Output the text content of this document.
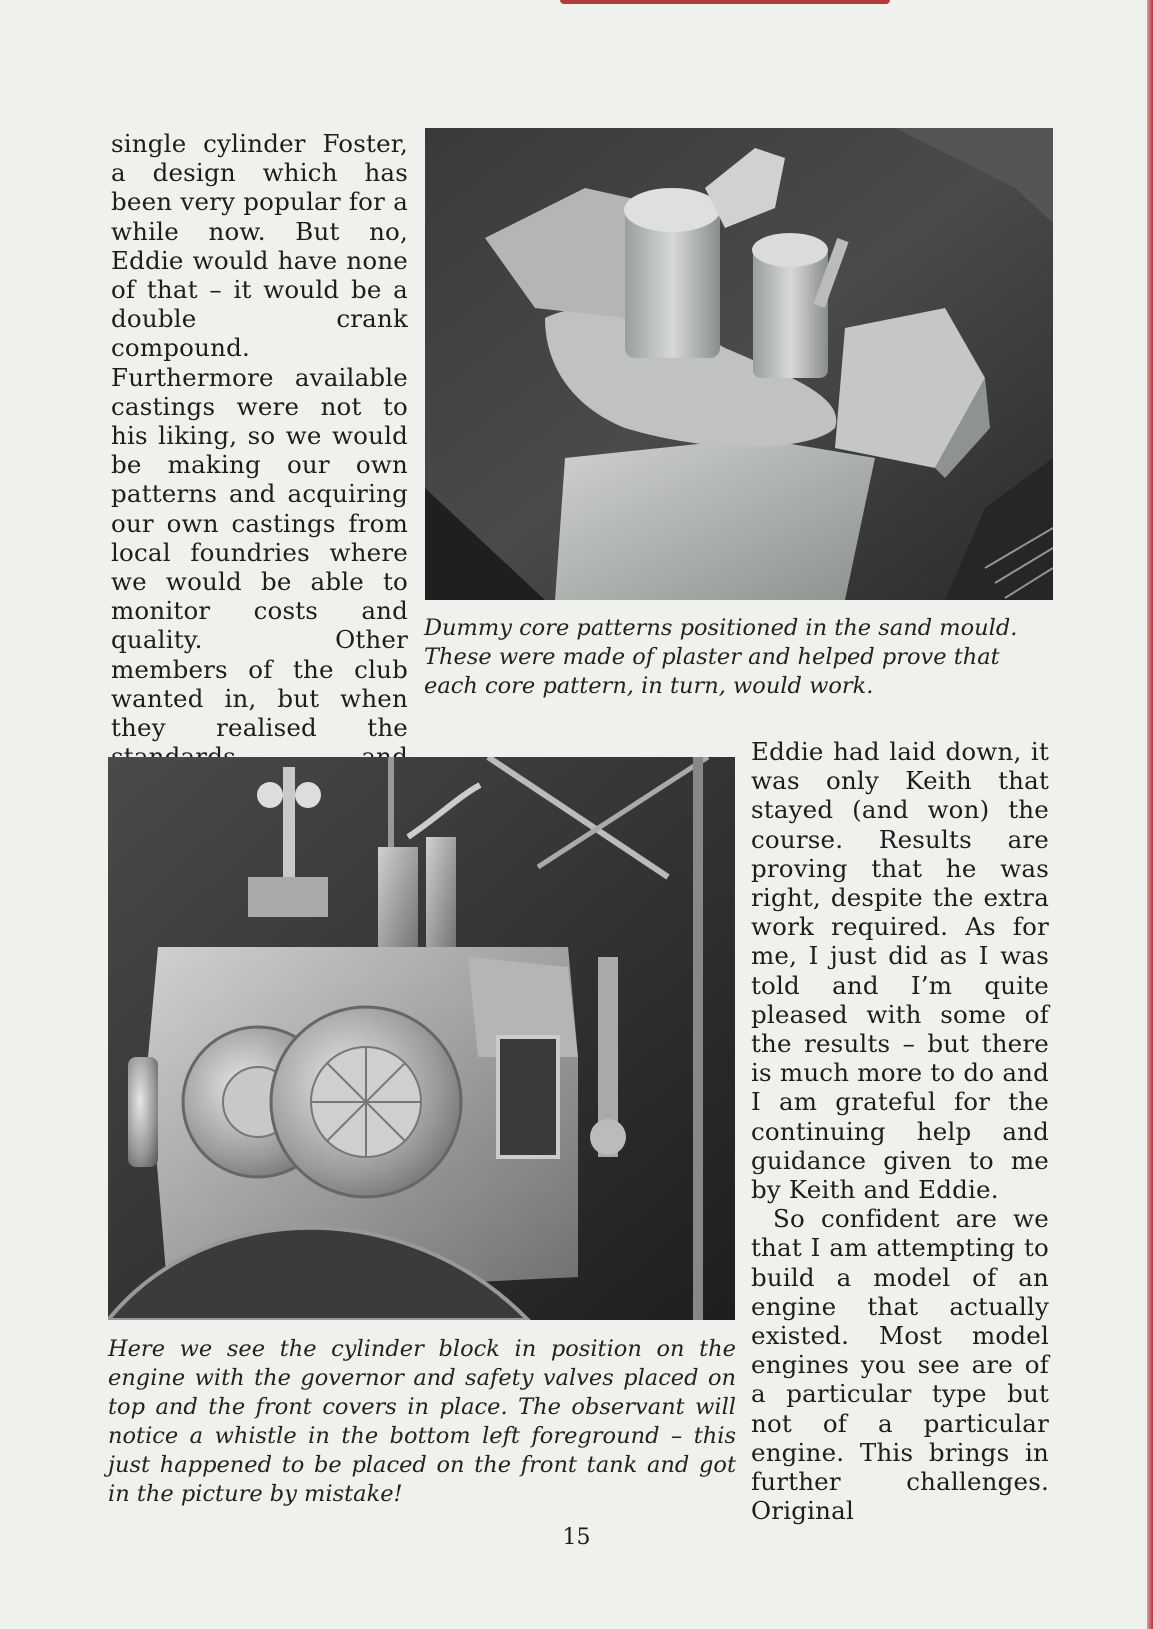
single cylinder Foster, a design which has been very popular for a while now. But no, Eddie would have none of that – it would be a double crank compound. Furthermore available castings were not to his liking, so we would be making our own patterns and acquiring our own castings from local foundries where we would be able to monitor costs and quality. Other members of the club wanted in, but when they realised the

Dummy core patterns positioned in the sand mould. These were made of plaster and helped prove that each core pattern, in turn, would work.
Here we see the cylinder block in position on the engine with the governor and safety valves placed on top and the front covers in place. The observant will notice a whistle in the bottom left foreground – this just happened to be placed on the front tank and got in the picture by mistake!

Eddie had laid down, it was only Keith that stayed (and won) the course. Results are proving that he was right, despite the extra work required. As for me, I just did as I was told and I’m quite pleased with some of the results – but there is much more to do and I am grateful for the continuing help and guidance given to me by Keith and Eddie.

So confident are we that I am attempting to build a model of an engine that actually existed. Most model engines you see are of a particular type but not of a particular engine. This brings in further challenges. Original

15
